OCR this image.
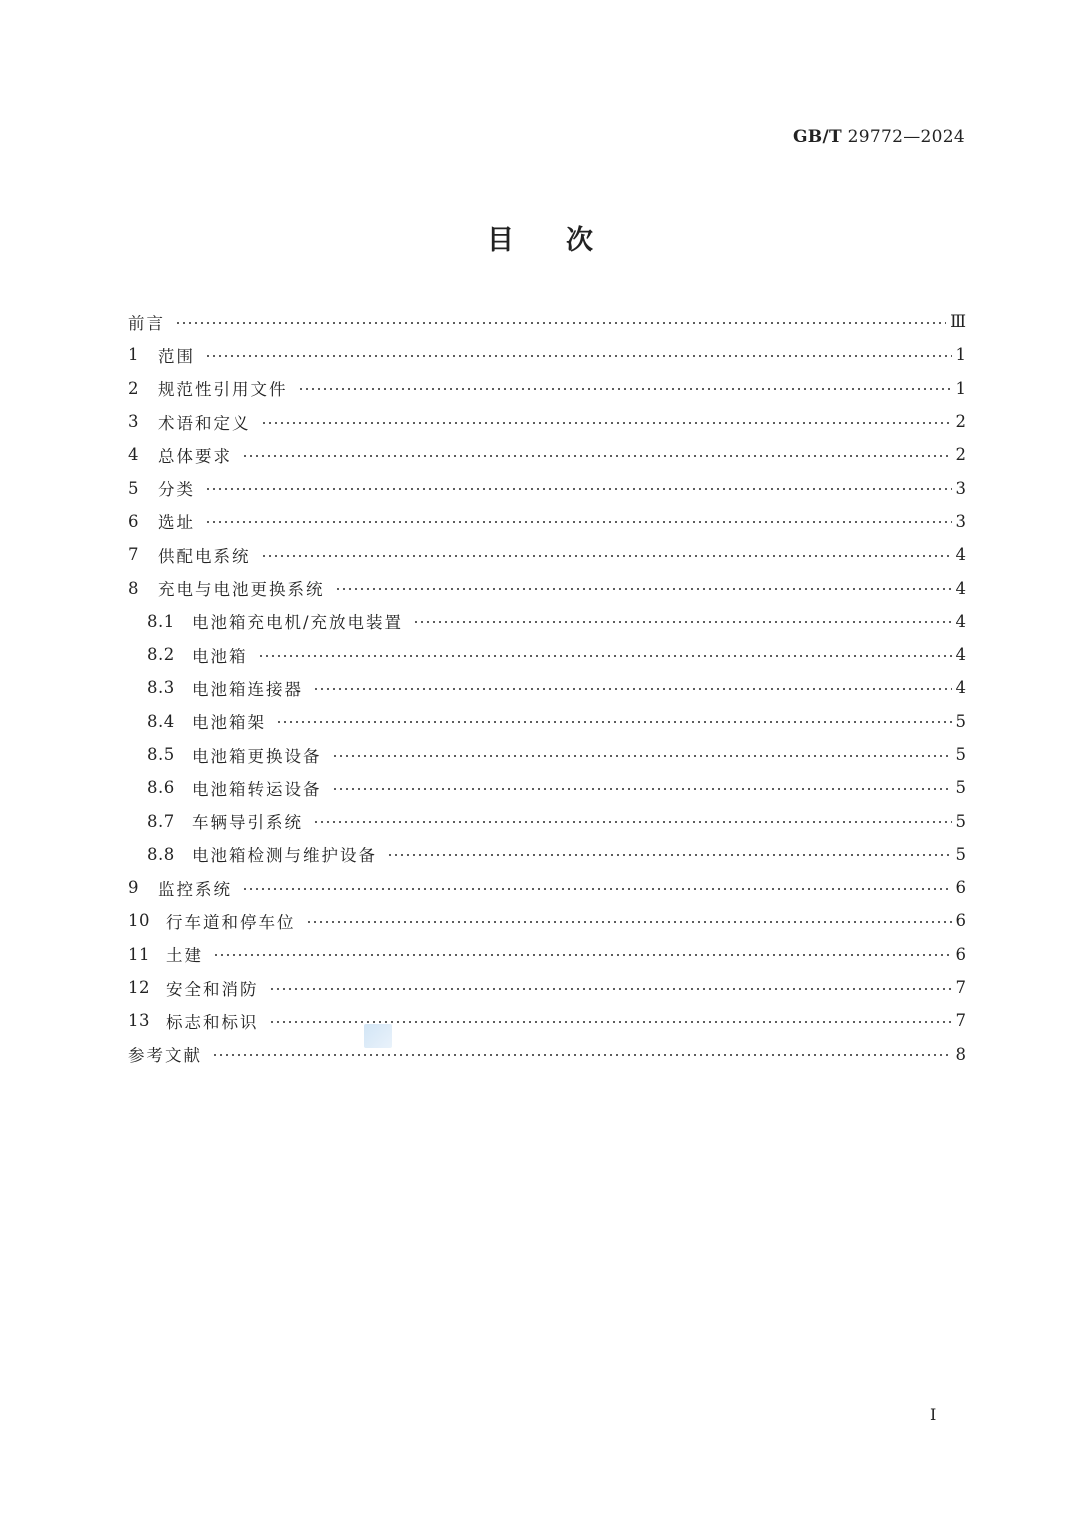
GB/T 29772—2024
目 次
前言	Ⅲ
1	范围	1
2	规范性引用文件	1
3	术语和定义	2
4	总体要求	2
5	分类	3
6	选址	3
7	供配电系统	4
8	充电与电池更换系统	4
8.1	电池箱充电机/充放电装置	4
8.2	电池箱	4
8.3	电池箱连接器	4
8.4	电池箱架	5
8.5	电池箱更换设备	5
8.6	电池箱转运设备	5
8.7	车辆导引系统	5
8.8	电池箱检测与维护设备	5
9	监控系统	6
10 行车道和停车位	6
11 土建	6
12 安全和消防	7
13 标志和标识	7
参考文献	8
I
